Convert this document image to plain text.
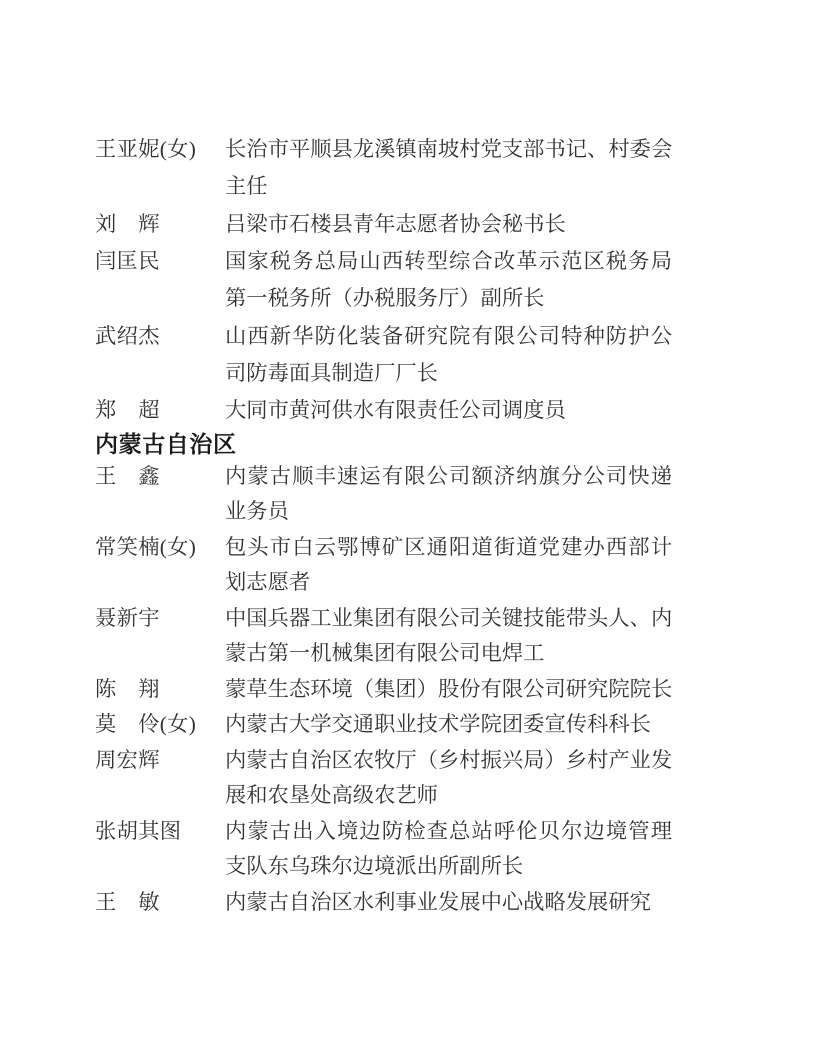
王亚妮(女)	长治市平顺县龙溪镇南坡村党支部书记、村委会
主任
刘　辉	吕梁市石楼县青年志愿者协会秘书长
闫匡民	国家税务总局山西转型综合改革示范区税务局
第一税务所（办税服务厅）副所长
武绍杰	山西新华防化装备研究院有限公司特种防护公
司防毒面具制造厂厂长
郑　超	大同市黄河供水有限责任公司调度员
内蒙古自治区
王　鑫	内蒙古顺丰速运有限公司额济纳旗分公司快递
业务员
常笑楠(女)	包头市白云鄂博矿区通阳道街道党建办西部计
划志愿者
聂新宇	中国兵器工业集团有限公司关键技能带头人、内
蒙古第一机械集团有限公司电焊工
陈　翔	蒙草生态环境（集团）股份有限公司研究院院长
莫　伶(女)	内蒙古大学交通职业技术学院团委宣传科科长
周宏辉	内蒙古自治区农牧厅（乡村振兴局）乡村产业发
展和农垦处高级农艺师
张胡其图	内蒙古出入境边防检查总站呼伦贝尔边境管理
支队东乌珠尔边境派出所副所长
王　敏	内蒙古自治区水利事业发展中心战略发展研究
